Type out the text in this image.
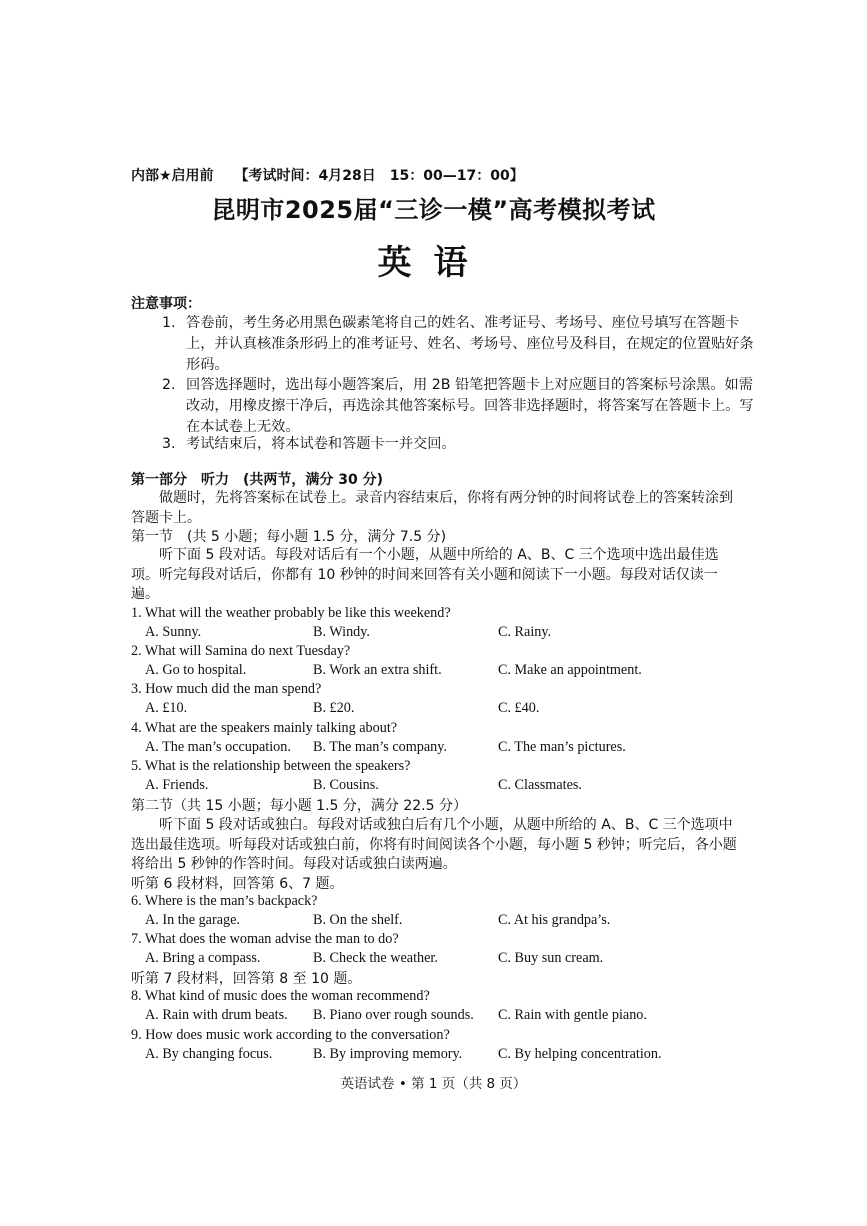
内部★启用前　　【考试时间：4月28日　15：00—17：00】
昆明市2025届“三诊一模”高考模拟考试
英语
注意事项：
1. 答卷前，考生务必用黑色碳素笔将自己的姓名、准考证号、考场号、座位号填写在答题卡上，并认真核准条形码上的准考证号、姓名、考场号、座位号及科目，在规定的位置贴好条形码。
2. 回答选择题时，选出每小题答案后，用 2B 铅笔把答题卡上对应题目的答案标号涂黑。如需改动，用橡皮擦干净后，再选涂其他答案标号。回答非选择题时，将答案写在答题卡上。写在本试卷上无效。
3. 考试结束后，将本试卷和答题卡一并交回。
第一部分　听力　(共两节，满分 30 分)
做题时，先将答案标在试卷上。录音内容结束后，你将有两分钟的时间将试卷上的答案转涂到答题卡上。
第一节　(共 5 小题；每小题 1.5 分，满分 7.5 分)
听下面 5 段对话。每段对话后有一个小题，从题中所给的 A、B、C 三个选项中选出最佳选项。听完每段对话后，你都有 10 秒钟的时间来回答有关小题和阅读下一小题。每段对话仅读一遍。
1. What will the weather probably be like this weekend?
A. Sunny.	B. Windy.	C. Rainy.
2. What will Samina do next Tuesday?
A. Go to hospital.	B. Work an extra shift.	C. Make an appointment.
3. How much did the man spend?
A. £10.	B. £20.	C. £40.
4. What are the speakers mainly talking about?
A. The man’s occupation. B. The man’s company.	C. The man’s pictures.
5. What is the relationship between the speakers?
A. Friends.	B. Cousins.	C. Classmates.
第二节（共 15 小题；每小题 1.5 分，满分 22.5 分）
听下面 5 段对话或独白。每段对话或独白后有几个小题，从题中所给的 A、B、C 三个选项中选出最佳选项。听每段对话或独白前，你将有时间阅读各个小题，每小题 5 秒钟；听完后，各小题将给出 5 秒钟的作答时间。每段对话或独白读两遍。
听第 6 段材料，回答第 6、7 题。
6. Where is the man’s backpack?
A. In the garage.	B. On the shelf.	C. At his grandpa’s.
7. What does the woman advise the man to do?
A. Bring a compass.	B. Check the weather.	C. Buy sun cream.
听第 7 段材料，回答第 8 至 10 题。
8. What kind of music does the woman recommend?
A. Rain with drum beats. B. Piano over rough sounds. C. Rain with gentle piano.
9. How does music work according to the conversation?
A. By changing focus.	B. By improving memory.	C. By helping concentration.
英语试卷 • 第 1 页（共 8 页）
